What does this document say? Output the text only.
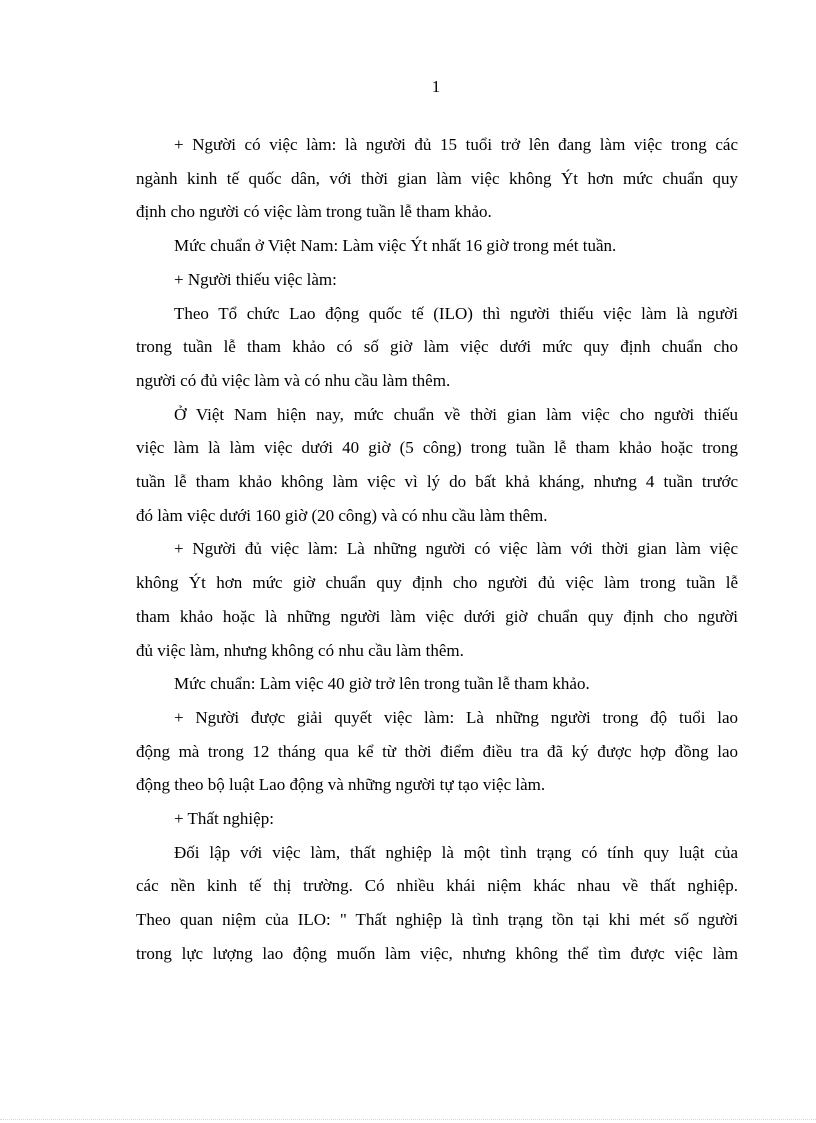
1

+ Người có việc làm: là người đủ 15 tuổi trở lên đang làm việc trong các
ngành kinh tế quốc dân, với thời gian làm việc không Ýt hơn mức chuẩn quy
định cho người có việc làm trong tuần lễ tham khảo.

Mức chuẩn ở Việt Nam: Làm việc Ýt nhất 16 giờ trong mét tuần.

+ Người thiếu việc làm:

Theo Tổ chức Lao động quốc tế (ILO) thì người thiếu việc làm là người
trong tuần lễ tham khảo có số giờ làm việc dưới mức quy định chuẩn cho
người có đủ việc làm và có nhu cầu làm thêm.

Ở Việt Nam hiện nay, mức chuẩn về thời gian làm việc cho người thiếu
việc làm là làm việc dưới 40 giờ (5 công) trong tuần lễ tham khảo hoặc trong
tuần lễ tham khảo không làm việc vì lý do bất khả kháng, nhưng 4 tuần trước
đó làm việc dưới 160 giờ (20 công) và có nhu cầu làm thêm.

+ Người đủ việc làm: Là những người có việc làm với thời gian làm việc
không Ýt hơn mức giờ chuẩn quy định cho người đủ việc làm trong tuần lễ
tham khảo hoặc là những người làm việc dưới giờ chuẩn quy định cho người
đủ việc làm, nhưng không có nhu cầu làm thêm.

Mức chuẩn: Làm việc 40 giờ trở lên trong tuần lễ tham khảo.

+ Người được giải quyết việc làm: Là những người trong độ tuổi lao
động mà trong 12 tháng qua kể từ thời điểm điều tra đã ký được hợp đồng lao
động theo bộ luật Lao động và những người tự tạo việc làm.

+ Thất nghiệp:

Đối lập với việc làm, thất nghiệp là một tình trạng có tính quy luật của
các nền kinh tế thị trường. Có nhiều khái niệm khác nhau về thất nghiệp.
Theo quan niệm của ILO: " Thất nghiệp là tình trạng tồn tại khi mét số người
trong lực lượng lao động muốn làm việc, nhưng không thể tìm được việc làm
